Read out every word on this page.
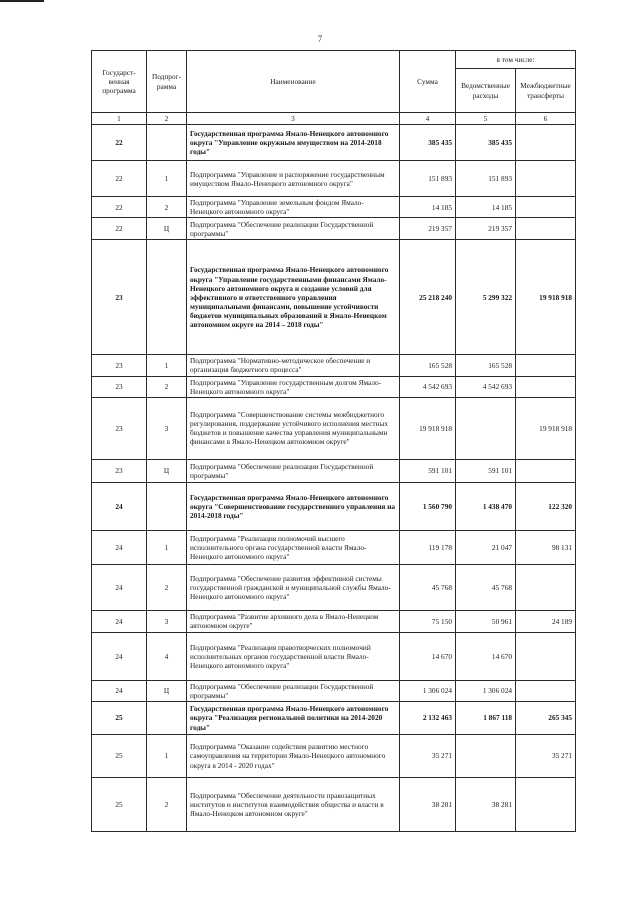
7
Государст-венная программа	Подпрог-рамма	Наименование	Сумма	в том числе:	
				Ведомственные расходы	Межбюджетные трансферты
1	2	3	4	5	6
22		Государственная программа Ямало-Ненецкого автономного округа "Управление окружным имуществом на 2014-2018 годы"	385 435	385 435	
22	1	Подпрограмма "Управление и распоряжение государственным имуществом Ямало-Ненецкого автономного округа"	151 893	151 893	
22	2	Подпрограмма "Управление земельным фондом Ямало-Ненецкого автономного округа"	14 185	14 185	
22	Ц	Подпрограмма "Обеспечение реализации Государственной программы"	219 357	219 357	
23		Государственная программа Ямало-Ненецкого автономного округа "Управление государственными финансами Ямало-Ненецкого автономного округа и создание условий для эффективного и ответственного управления муниципальными финансами, повышение устойчивости бюджетов муниципальных образований в Ямало-Ненецком автономном округе на 2014 – 2018 годы"	25 218 240	5 299 322	19 918 918
23	1	Подпрограмма "Нормативно-методическое обеспечение и организация бюджетного процесса"	165 528	165 528	
23	2	Подпрограмма "Управление государственным долгом Ямало-Ненецкого автономного округа"	4 542 693	4 542 693	
23	3	Подпрограмма "Совершенствование системы межбюджетного регулирования, поддержание устойчивого исполнения местных бюджетов и повышение качества управления муниципальными финансами в Ямало-Ненецком автономном округе"	19 918 918		19 918 918
23	Ц	Подпрограмма "Обеспечение реализации Государственной программы"	591 101	591 101	
24		Государственная программа Ямало-Ненецкого автономного округа "Совершенствование государственного управления на 2014-2018 годы"	1 560 790	1 438 470	122 320
24	1	Подпрограмма "Реализация полномочий высшего исполнительного органа государственной власти Ямало-Ненецкого автономного округа"	119 178	21 047	98 131
24	2	Подпрограмма "Обеспечение развития эффективной системы государственной гражданской и муниципальной службы Ямало-Ненецкого автономного округа"	45 768	45 768	
24	3	Подпрограмма "Развитие архивного дела в Ямало-Ненецком автономном округе"	75 150	50 961	24 189
24	4	Подпрограмма "Реализация правотворческих полномочий исполнительных органов государственной власти Ямало-Ненецкого автономного округа"	14 670	14 670	
24	Ц	Подпрограмма "Обеспечение реализации Государственной программы"	1 306 024	1 306 024	
25		Государственная программа Ямало-Ненецкого автономного округа "Реализация региональной политики на 2014-2020 годы"	2 132 463	1 867 118	265 345
25	1	Подпрограмма "Оказание содействия развитию местного самоуправления на территории Ямало-Ненецкого автономного округа в 2014 - 2020 годах"	35 271		35 271
25	2	Подпрограмма "Обеспечение деятельности правозащитных институтов и институтов взаимодействия общества и власти в Ямало-Ненецком автономном округе"	38 281	38 281	
